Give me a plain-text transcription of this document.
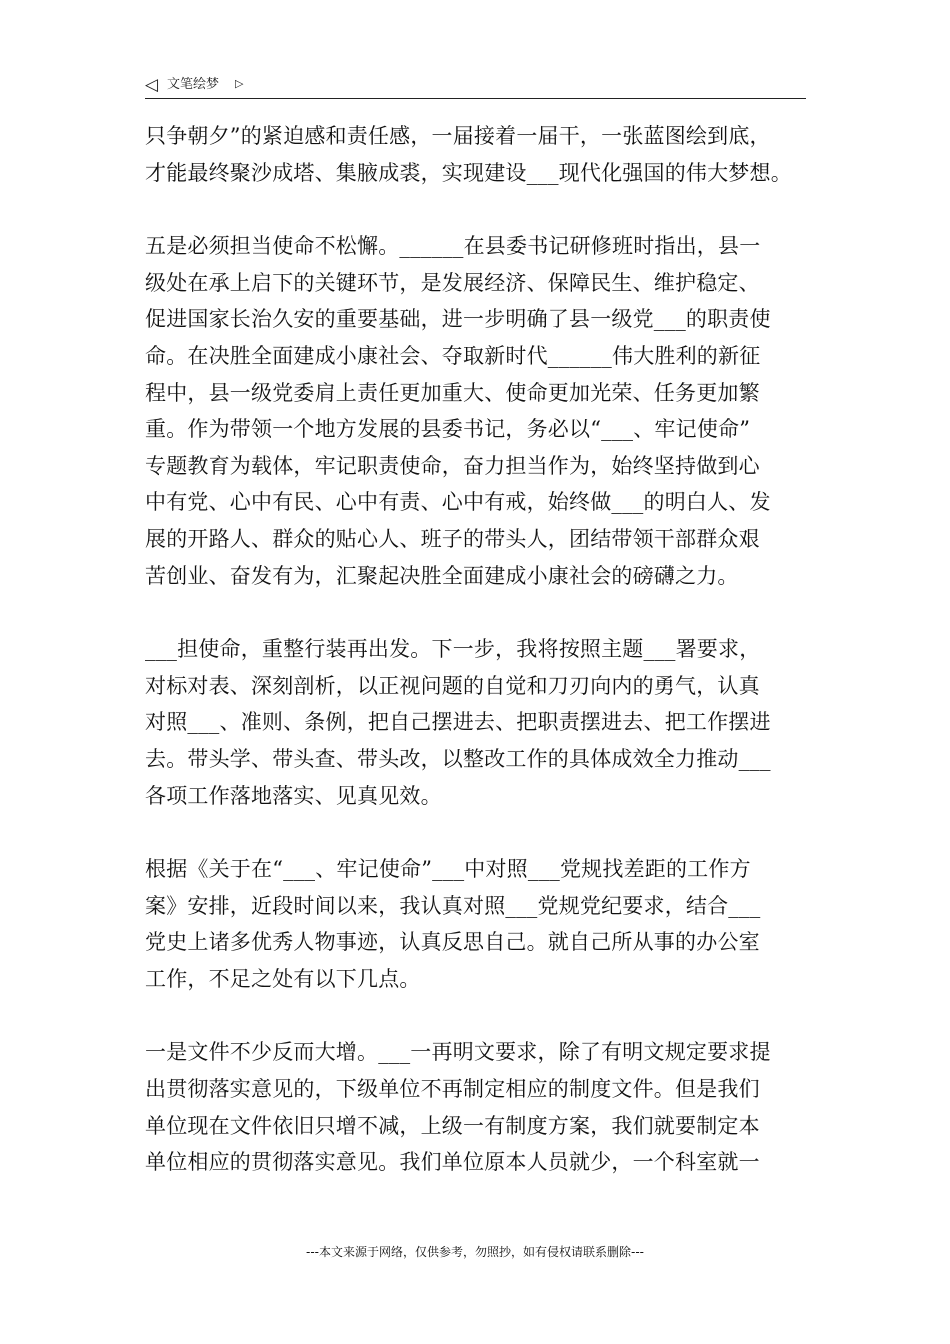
◁ 文笔绘梦 ▷

只争朝夕”的紧迫感和责任感，一届接着一届干，一张蓝图绘到底，
才能最终聚沙成塔、集腋成裘，实现建设___现代化强国的伟大梦想。

五是必须担当使命不松懈。______在县委书记研修班时指出，县一
级处在承上启下的关键环节，是发展经济、保障民生、维护稳定、
促进国家长治久安的重要基础，进一步明确了县一级党___的职责使
命。在决胜全面建成小康社会、夺取新时代______伟大胜利的新征
程中，县一级党委肩上责任更加重大、使命更加光荣、任务更加繁
重。作为带领一个地方发展的县委书记，务必以“___、牢记使命”
专题教育为载体，牢记职责使命，奋力担当作为，始终坚持做到心
中有党、心中有民、心中有责、心中有戒，始终做___的明白人、发
展的开路人、群众的贴心人、班子的带头人，团结带领干部群众艰
苦创业、奋发有为，汇聚起决胜全面建成小康社会的磅礴之力。

___担使命，重整行装再出发。下一步，我将按照主题___署要求，
对标对表、深刻剖析，以正视问题的自觉和刀刃向内的勇气，认真
对照___、准则、条例，把自己摆进去、把职责摆进去、把工作摆进
去。带头学、带头查、带头改，以整改工作的具体成效全力推动___
各项工作落地落实、见真见效。

根据《关于在“___、牢记使命”___中对照___党规找差距的工作方
案》安排，近段时间以来，我认真对照___党规党纪要求，结合___
党史上诸多优秀人物事迹，认真反思自己。就自己所从事的办公室
工作，不足之处有以下几点。

一是文件不少反而大增。___一再明文要求，除了有明文规定要求提
出贯彻落实意见的，下级单位不再制定相应的制度文件。但是我们
单位现在文件依旧只增不减，上级一有制度方案，我们就要制定本
单位相应的贯彻落实意见。我们单位原本人员就少，一个科室就一

---本文来源于网络，仅供参考，勿照抄，如有侵权请联系删除---
